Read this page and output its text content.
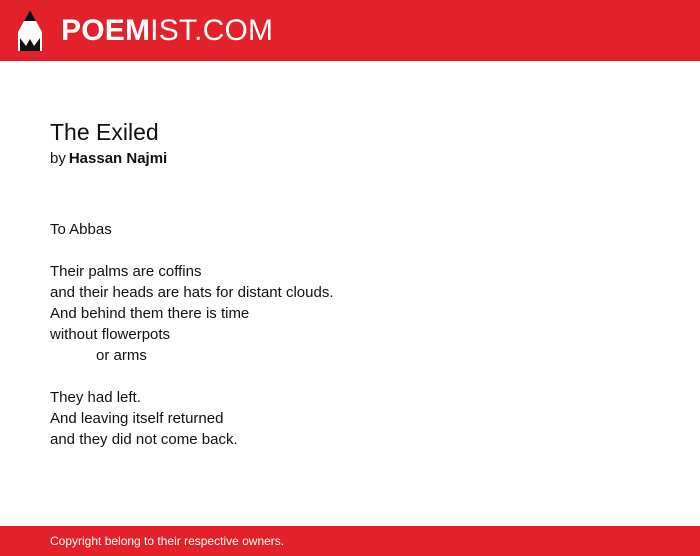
POEMIST.COM
The Exiled
by Hassan Najmi
To Abbas
Their palms are coffins
and their heads are hats for distant clouds.
And behind them there is time
without flowerpots
or arms
They had left.
And leaving itself returned
and they did not come back.
Copyright belong to their respective owners.
